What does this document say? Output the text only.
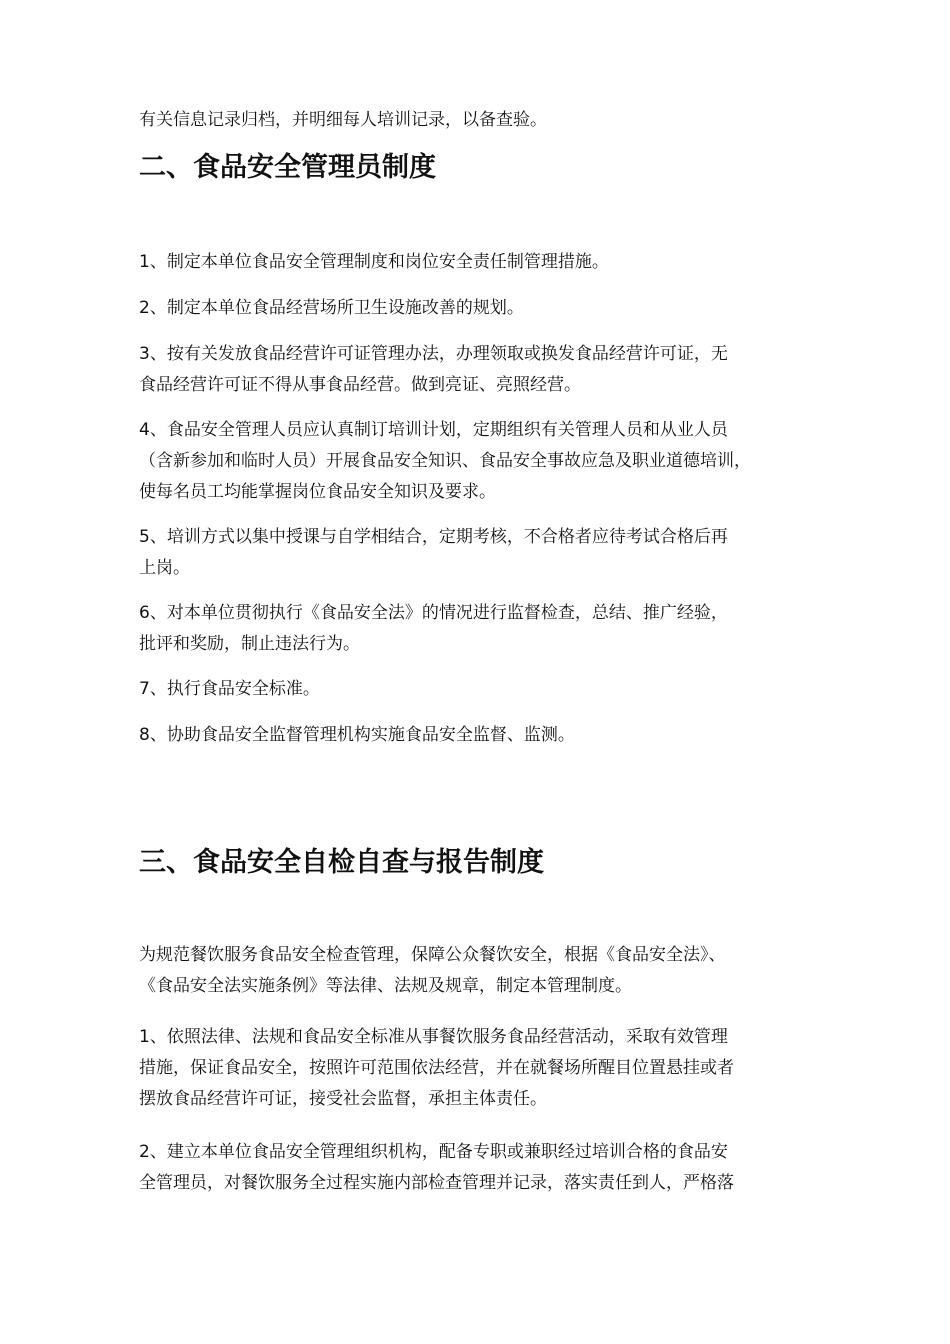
有关信息记录归档，并明细每人培训记录，以备查验。

二、食品安全管理员制度

1、制定本单位食品安全管理制度和岗位安全责任制管理措施。

2、制定本单位食品经营场所卫生设施改善的规划。

3、按有关发放食品经营许可证管理办法，办理领取或换发食品经营许可证，无

食品经营许可证不得从事食品经营。做到亮证、亮照经营。

4、食品安全管理人员应认真制订培训计划，定期组织有关管理人员和从业人员

（含新参加和临时人员）开展食品安全知识、食品安全事故应急及职业道德培训，

使每名员工均能掌握岗位食品安全知识及要求。

5、培训方式以集中授课与自学相结合，定期考核，不合格者应待考试合格后再

上岗。

6、对本单位贯彻执行《食品安全法》的情况进行监督检查，总结、推广经验，

批评和奖励，制止违法行为。

7、执行食品安全标准。

8、协助食品安全监督管理机构实施食品安全监督、监测。

三、食品安全自检自查与报告制度

为规范餐饮服务食品安全检查管理，保障公众餐饮安全，根据《食品安全法》、

《食品安全法实施条例》等法律、法规及规章，制定本管理制度。

1、依照法律、法规和食品安全标准从事餐饮服务食品经营活动，采取有效管理

措施，保证食品安全，按照许可范围依法经营，并在就餐场所醒目位置悬挂或者

摆放食品经营许可证，接受社会监督，承担主体责任。

2、建立本单位食品安全管理组织机构，配备专职或兼职经过培训合格的食品安

全管理员，对餐饮服务全过程实施内部检查管理并记录，落实责任到人，严格落
